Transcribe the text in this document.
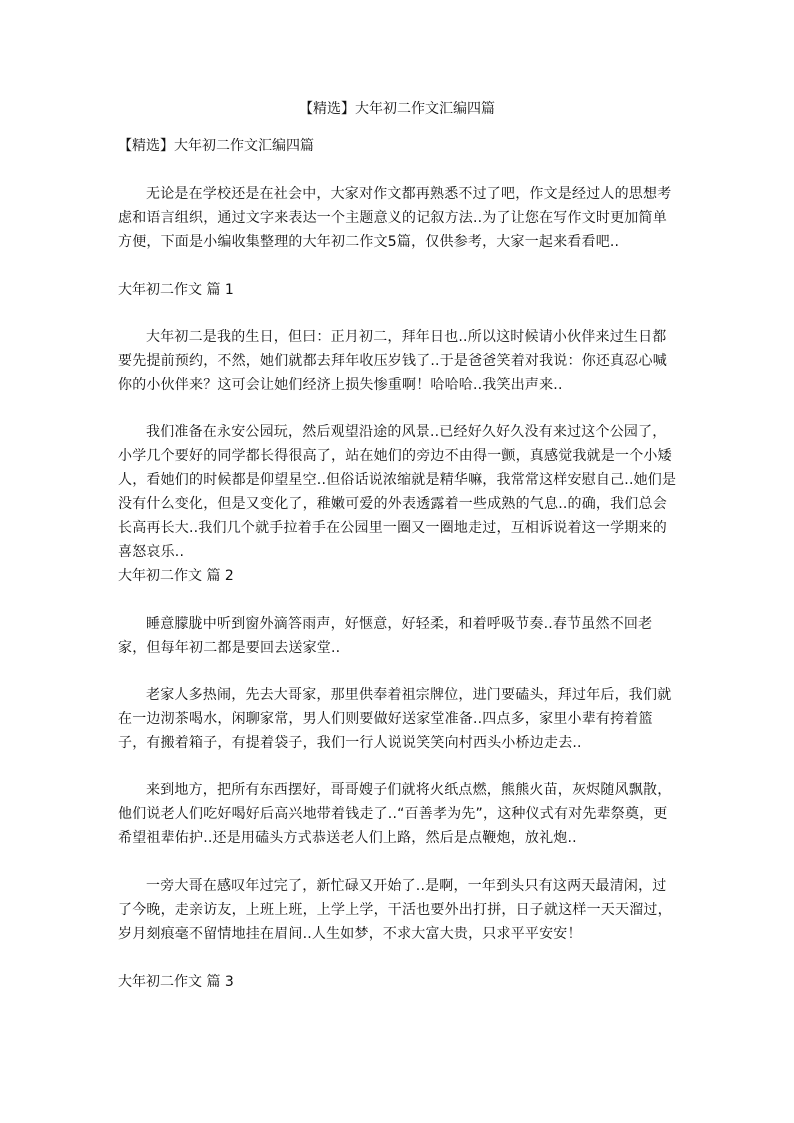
【精选】大年初二作文汇编四篇
【精选】大年初二作文汇编四篇

无论是在学校还是在社会中，大家对作文都再熟悉不过了吧，作文是经过人的思想考虑和语言组织，通过文字来表达一个主题意义的记叙方法..为了让您在写作文时更加简单方便，下面是小编收集整理的大年初二作文5篇，仅供参考，大家一起来看看吧..

大年初二作文 篇 1

大年初二是我的生日，但曰：正月初二，拜年日也..所以这时候请小伙伴来过生日都要先提前预约，不然，她们就都去拜年收压岁钱了..于是爸爸笑着对我说：你还真忍心喊你的小伙伴来？这可会让她们经济上损失惨重啊！哈哈哈..我笑出声来..

我们准备在永安公园玩，然后观望沿途的风景..已经好久好久没有来过这个公园了，小学几个要好的同学都长得很高了，站在她们的旁边不由得一颤，真感觉我就是一个小矮人，看她们的时候都是仰望星空..但俗话说浓缩就是精华嘛，我常常这样安慰自己..她们是没有什么变化，但是又变化了，稚嫩可爱的外表透露着一些成熟的气息..的确，我们总会长高再长大..我们几个就手拉着手在公园里一圈又一圈地走过，互相诉说着这一学期来的喜怒哀乐..

大年初二作文 篇 2

睡意朦胧中听到窗外滴答雨声，好惬意，好轻柔，和着呼吸节奏..春节虽然不回老家，但每年初二都是要回去送家堂..

老家人多热闹，先去大哥家，那里供奉着祖宗牌位，进门要磕头，拜过年后，我们就在一边沏茶喝水，闲聊家常，男人们则要做好送家堂准备..四点多，家里小辈有挎着篮子，有搬着箱子，有提着袋子，我们一行人说说笑笑向村西头小桥边走去..

来到地方，把所有东西摆好，哥哥嫂子们就将火纸点燃，熊熊火苗，灰烬随风飘散，他们说老人们吃好喝好后高兴地带着钱走了..“百善孝为先”，这种仪式有对先辈祭奠，更希望祖辈佑护..还是用磕头方式恭送老人们上路，然后是点鞭炮，放礼炮..

一旁大哥在感叹年过完了，新忙碌又开始了..是啊，一年到头只有这两天最清闲，过了今晚，走亲访友，上班上班，上学上学，干活也要外出打拼，日子就这样一天天溜过，岁月刻痕毫不留情地挂在眉间..人生如梦，不求大富大贵，只求平平安安！

大年初二作文 篇 3
